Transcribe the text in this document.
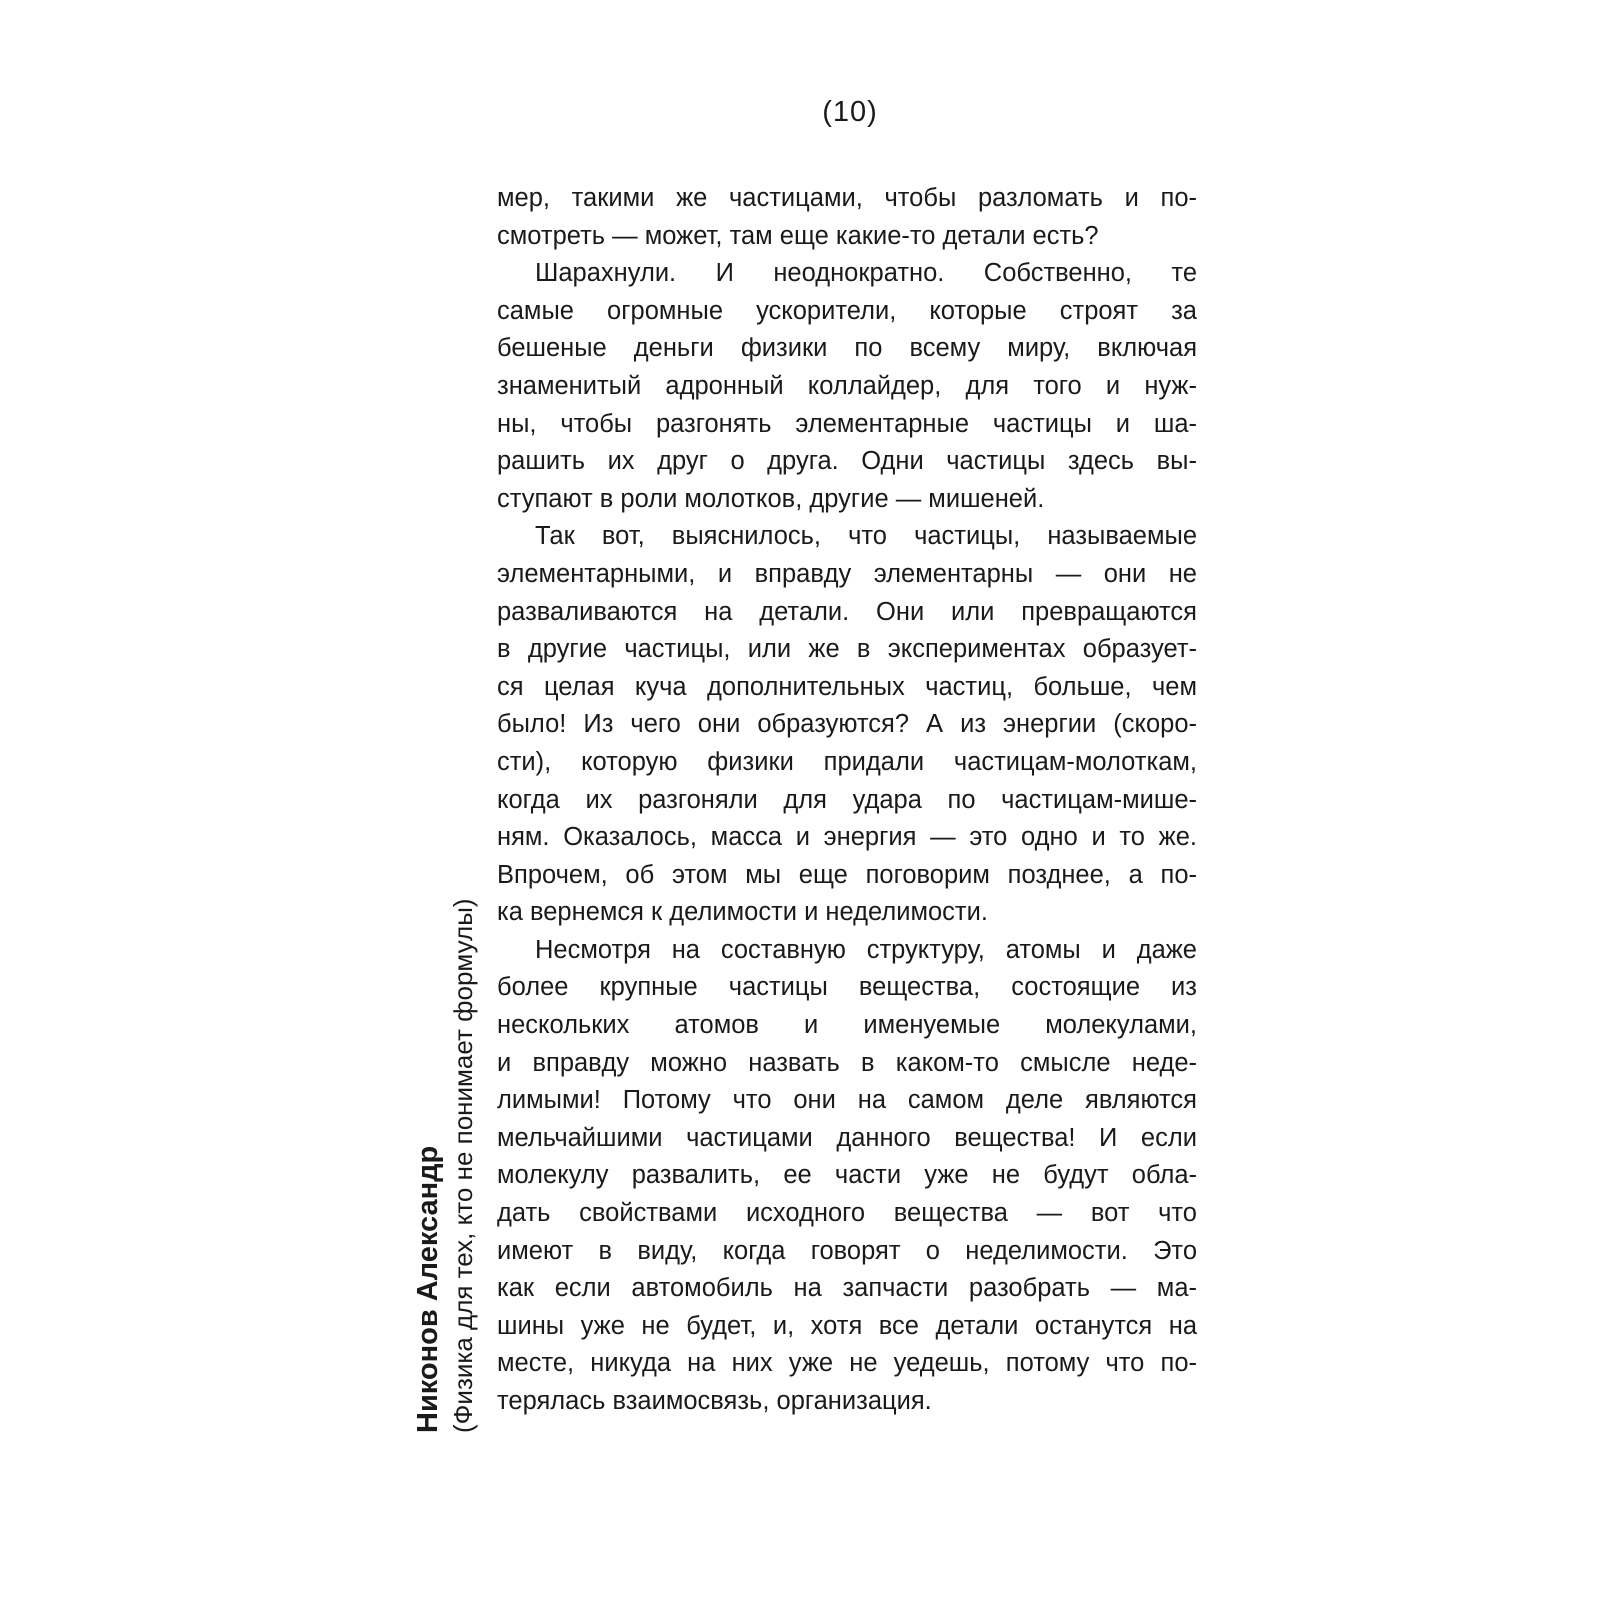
(10)
Никонов Александр (Физика для тех, кто не понимает формулы)
мер, такими же частицами, чтобы разломать и по-
смотреть — может, там еще какие-то детали есть?
Шарахнули. И неоднократно. Собственно, те
самые огромные ускорители, которые строят за
бешеные деньги физики по всему миру, включая
знаменитый адронный коллайдер, для того и нуж-
ны, чтобы разгонять элементарные частицы и ша-
рашить их друг о друга. Одни частицы здесь вы-
ступают в роли молотков, другие — мишеней.
Так вот, выяснилось, что частицы, называемые
элементарными, и вправду элементарны — они не
разваливаются на детали. Они или превращаются
в другие частицы, или же в экспериментах образует-
ся целая куча дополнительных частиц, больше, чем
было! Из чего они образуются? А из энергии (скоро-
сти), которую физики придали частицам-молоткам,
когда их разгоняли для удара по частицам-мише-
ням. Оказалось, масса и энергия — это одно и то же.
Впрочем, об этом мы еще поговорим позднее, а по-
ка вернемся к делимости и неделимости.
Несмотря на составную структуру, атомы и даже
более крупные частицы вещества, состоящие из
нескольких атомов и именуемые молекулами,
и вправду можно назвать в каком-то смысле неде-
лимыми! Потому что они на самом деле являются
мельчайшими частицами данного вещества! И если
молекулу развалить, ее части уже не будут обла-
дать свойствами исходного вещества — вот что
имеют в виду, когда говорят о неделимости. Это
как если автомобиль на запчасти разобрать — ма-
шины уже не будет, и, хотя все детали останутся на
месте, никуда на них уже не уедешь, потому что по-
терялась взаимосвязь, организация.
